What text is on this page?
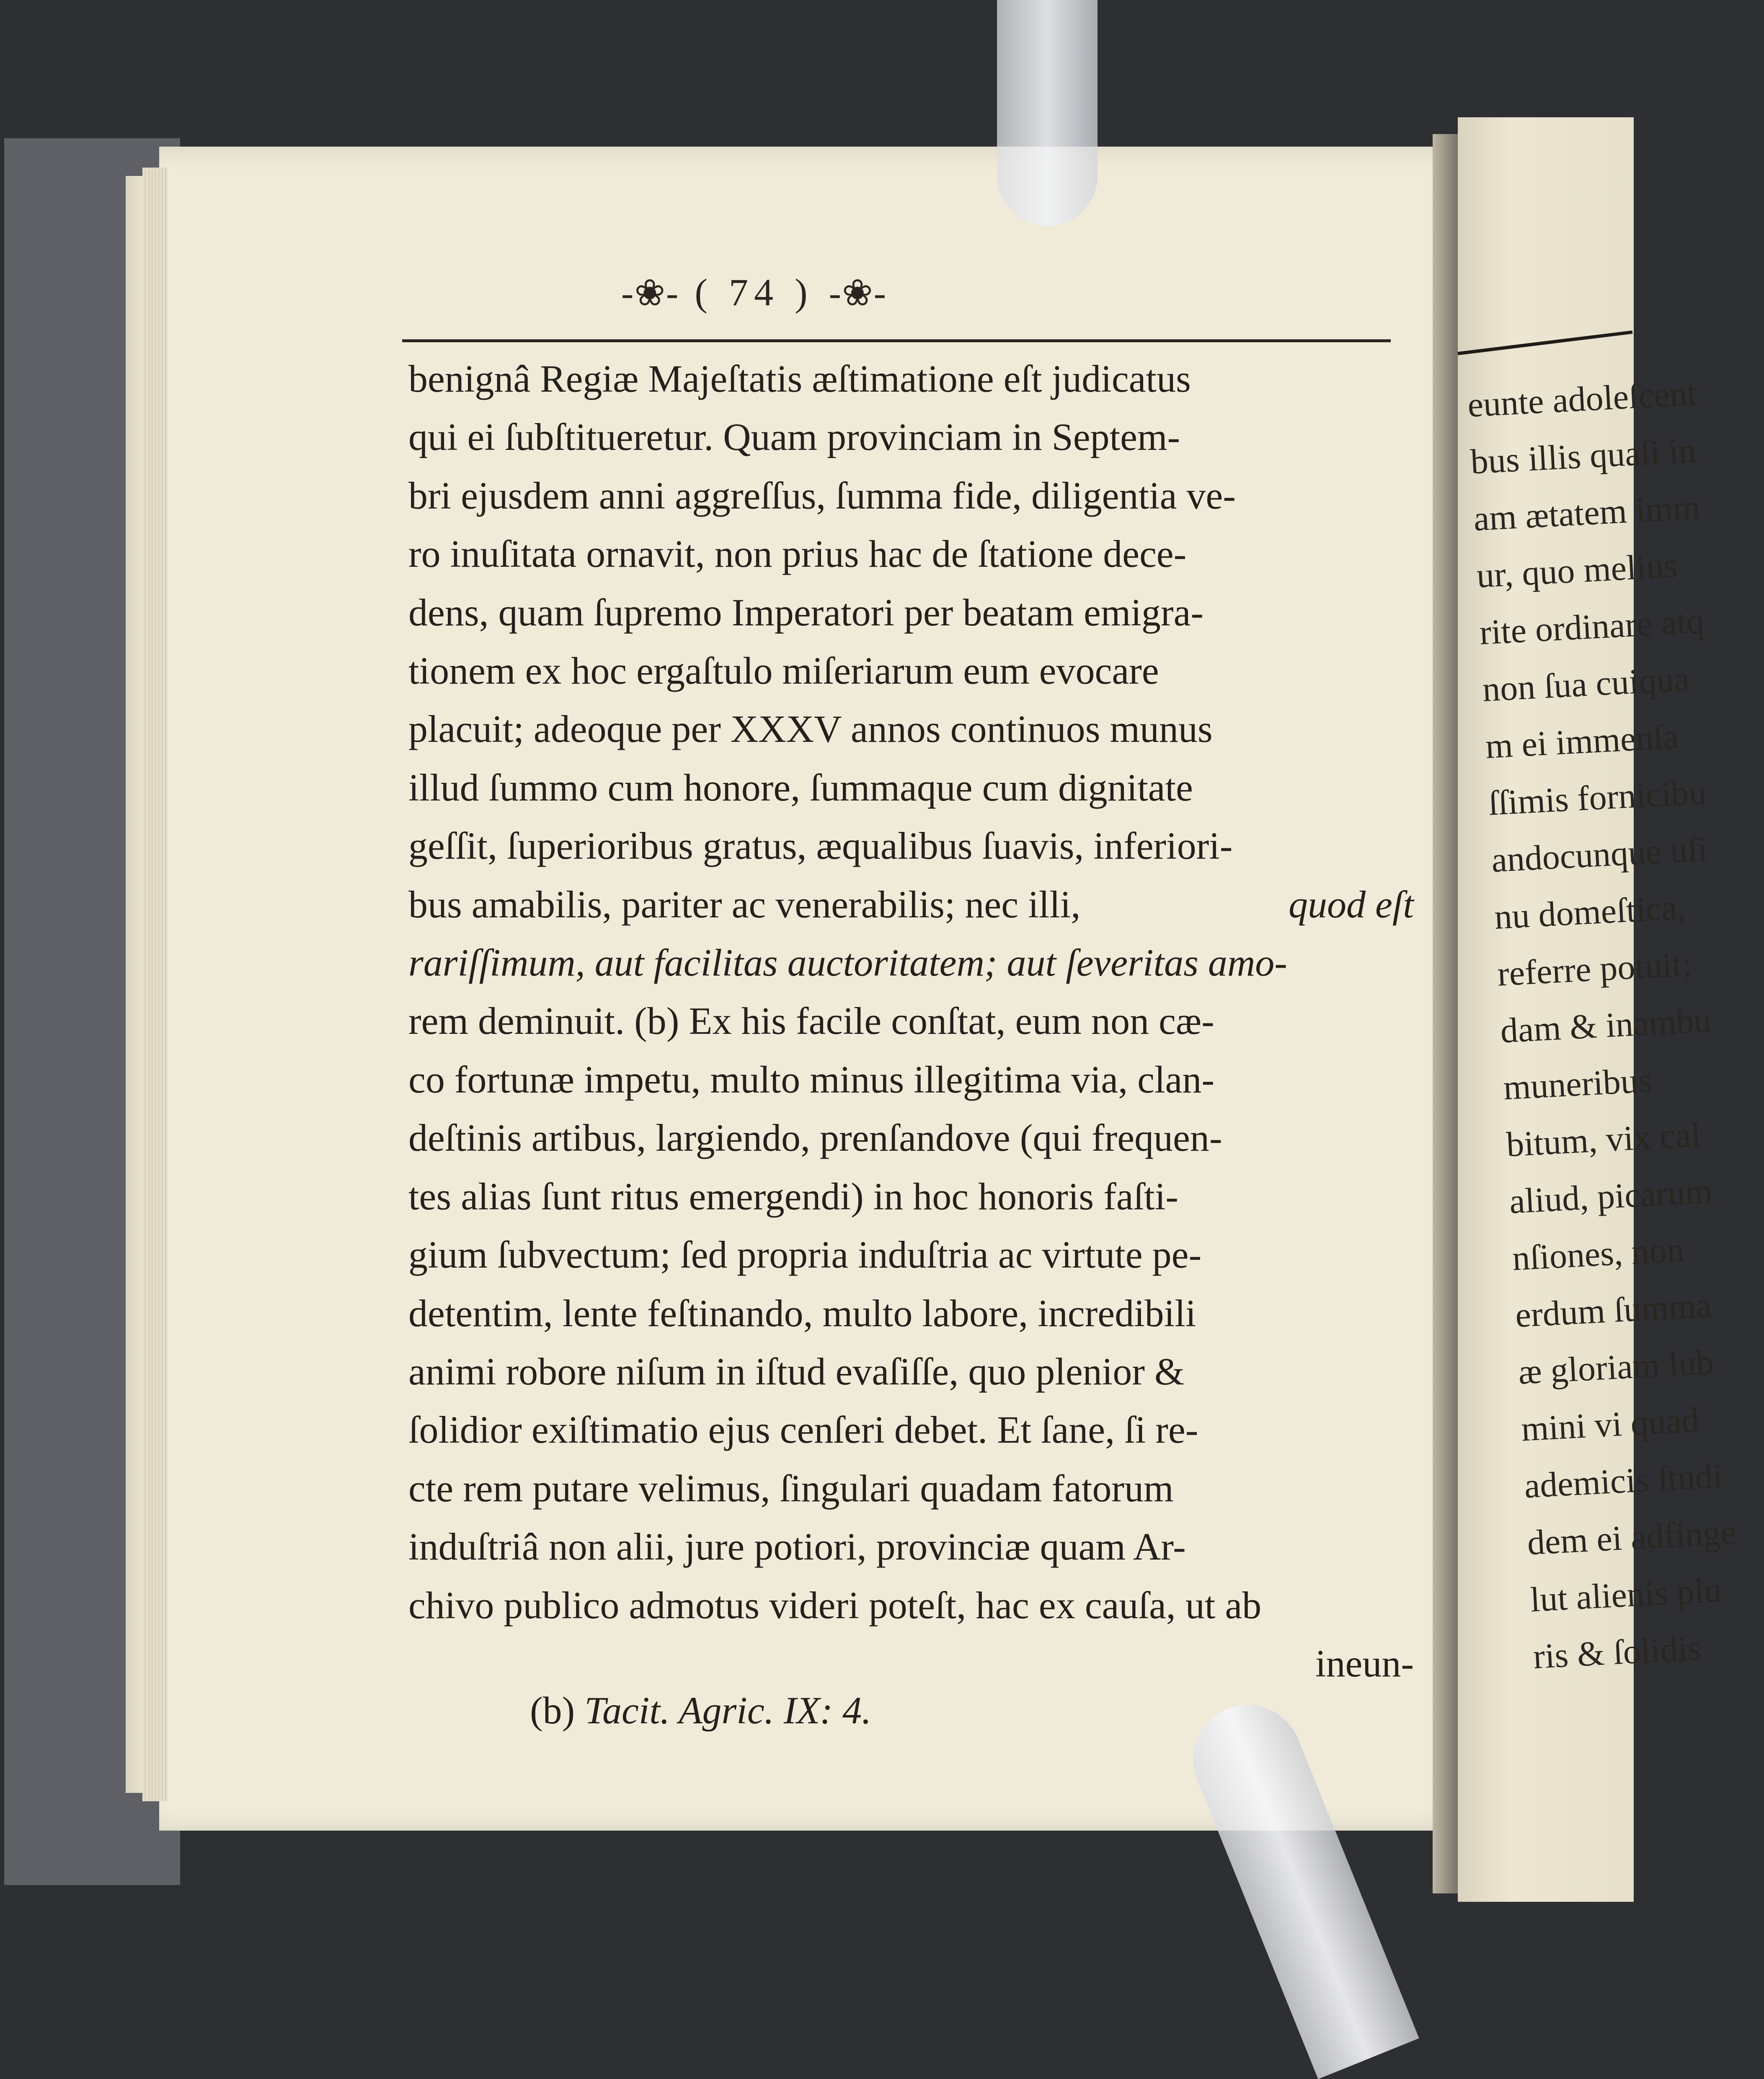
eunte adoleſcent
bus illis quaſi in
am ætatem imm
ur, quo melius
rite ordinare atq
non ſua cuiqua
m ei immenſa
ſſimis fornicibu
andocunque uſi
nu domeſtica,
referre potuit;
dam & inambu
muneribus
bitum, vix cal
aliud, picarum
nſiones, non
erdum ſumma
æ gloriam lub
mini vi quad
ademicis ſtudi
dem ei adfinge
lut alienis plu
ris & ſolidis
-❀- ( 74 ) -❀-
benignâ Regiæ Majeſtatis æſtimatione eſt judicatus
qui ei ſubſtitueretur. Quam provinciam in Septem-
bri ejusdem anni aggreſſus, ſumma fide, diligentia ve-
ro inuſitata ornavit, non prius hac de ſtatione dece-
dens, quam ſupremo Imperatori per beatam emigra-
tionem ex hoc ergaſtulo miſeriarum eum evocare
placuit; adeoque per XXXV annos continuos munus
illud ſummo cum honore, ſummaque cum dignitate
geſſit, ſuperioribus gratus, æqualibus ſuavis, inferiori-
bus amabilis, pariter ac venerabilis; nec illi,	quod eſt
rariſſimum, aut facilitas auctoritatem; aut ſeveritas amo-
rem deminuit. (b) Ex his facile conſtat, eum non cæ-
co fortunæ impetu, multo minus illegitima via, clan-
deſtinis artibus, largiendo, prenſandove (qui frequen-
tes alias ſunt ritus emergendi) in hoc honoris faſti-
gium ſubvectum; ſed propria induſtria ac virtute pe-
detentim, lente feſtinando, multo labore, incredibili
animi robore niſum in iſtud evaſiſſe, quo plenior &
ſolidior exiſtimatio ejus cenſeri debet. Et ſane, ſi re-
cte rem putare velimus, ſingulari quadam fatorum
induſtriâ non alii, jure potiori, provinciæ quam Ar-
chivo publico admotus videri poteſt, hac ex cauſa, ut ab
ineun-
(b) Tacit. Agric. IX: 4.
